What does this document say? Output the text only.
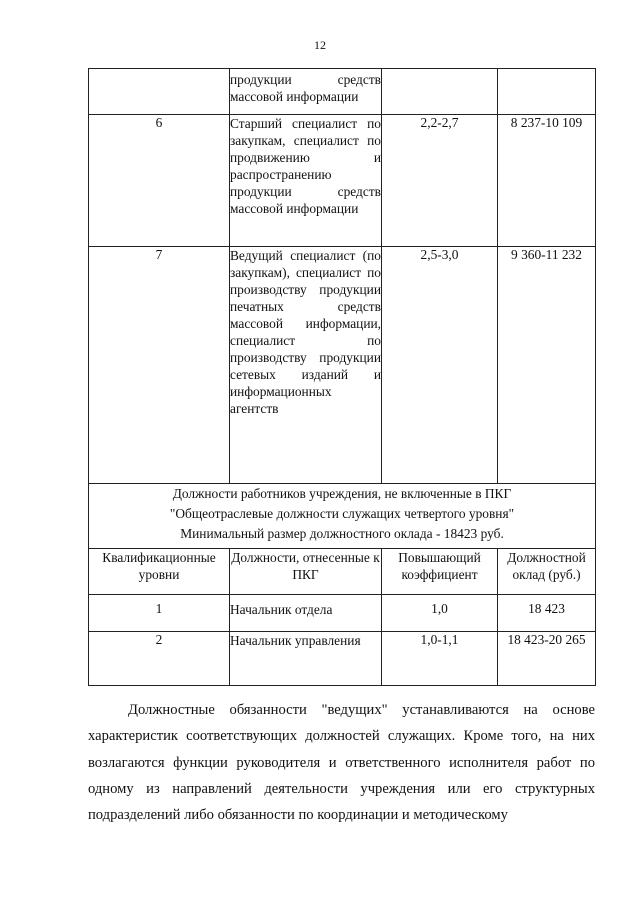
12

	продукции средств массовой информации		

6	Старший специалист по закупкам, специалист по продвижению и распространению продукции средств массовой информации	2,2-2,7	8 237-10 109
7	Ведущий специалист (по закупкам), специалист по производству продукции печатных средств массовой информации, специалист по производству продукции сетевых изданий и информационных агентств	2,5-3,0	9 360-11 232

Должности работников учреждения, не включенные в ПКГ
"Общеотраслевые должности служащих четвертого уровня"
Минимальный размер должностного оклада - 18423 руб.			

Квалификационные уровни	Должности, отнесенные к ПКГ	Повышающий коэффициент	Должностной оклад (руб.)
1	Начальник отдела	1,0	18 423
2	Начальник управления	1,0-1,1	18 423-20 265
Должностные обязанности "ведущих" устанавливаются на основе характеристик соответствующих должностей служащих. Кроме того, на них возлагаются функции руководителя и ответственного исполнителя работ по одному из направлений деятельности учреждения или его структурных подразделений либо обязанности по координации и методическому
